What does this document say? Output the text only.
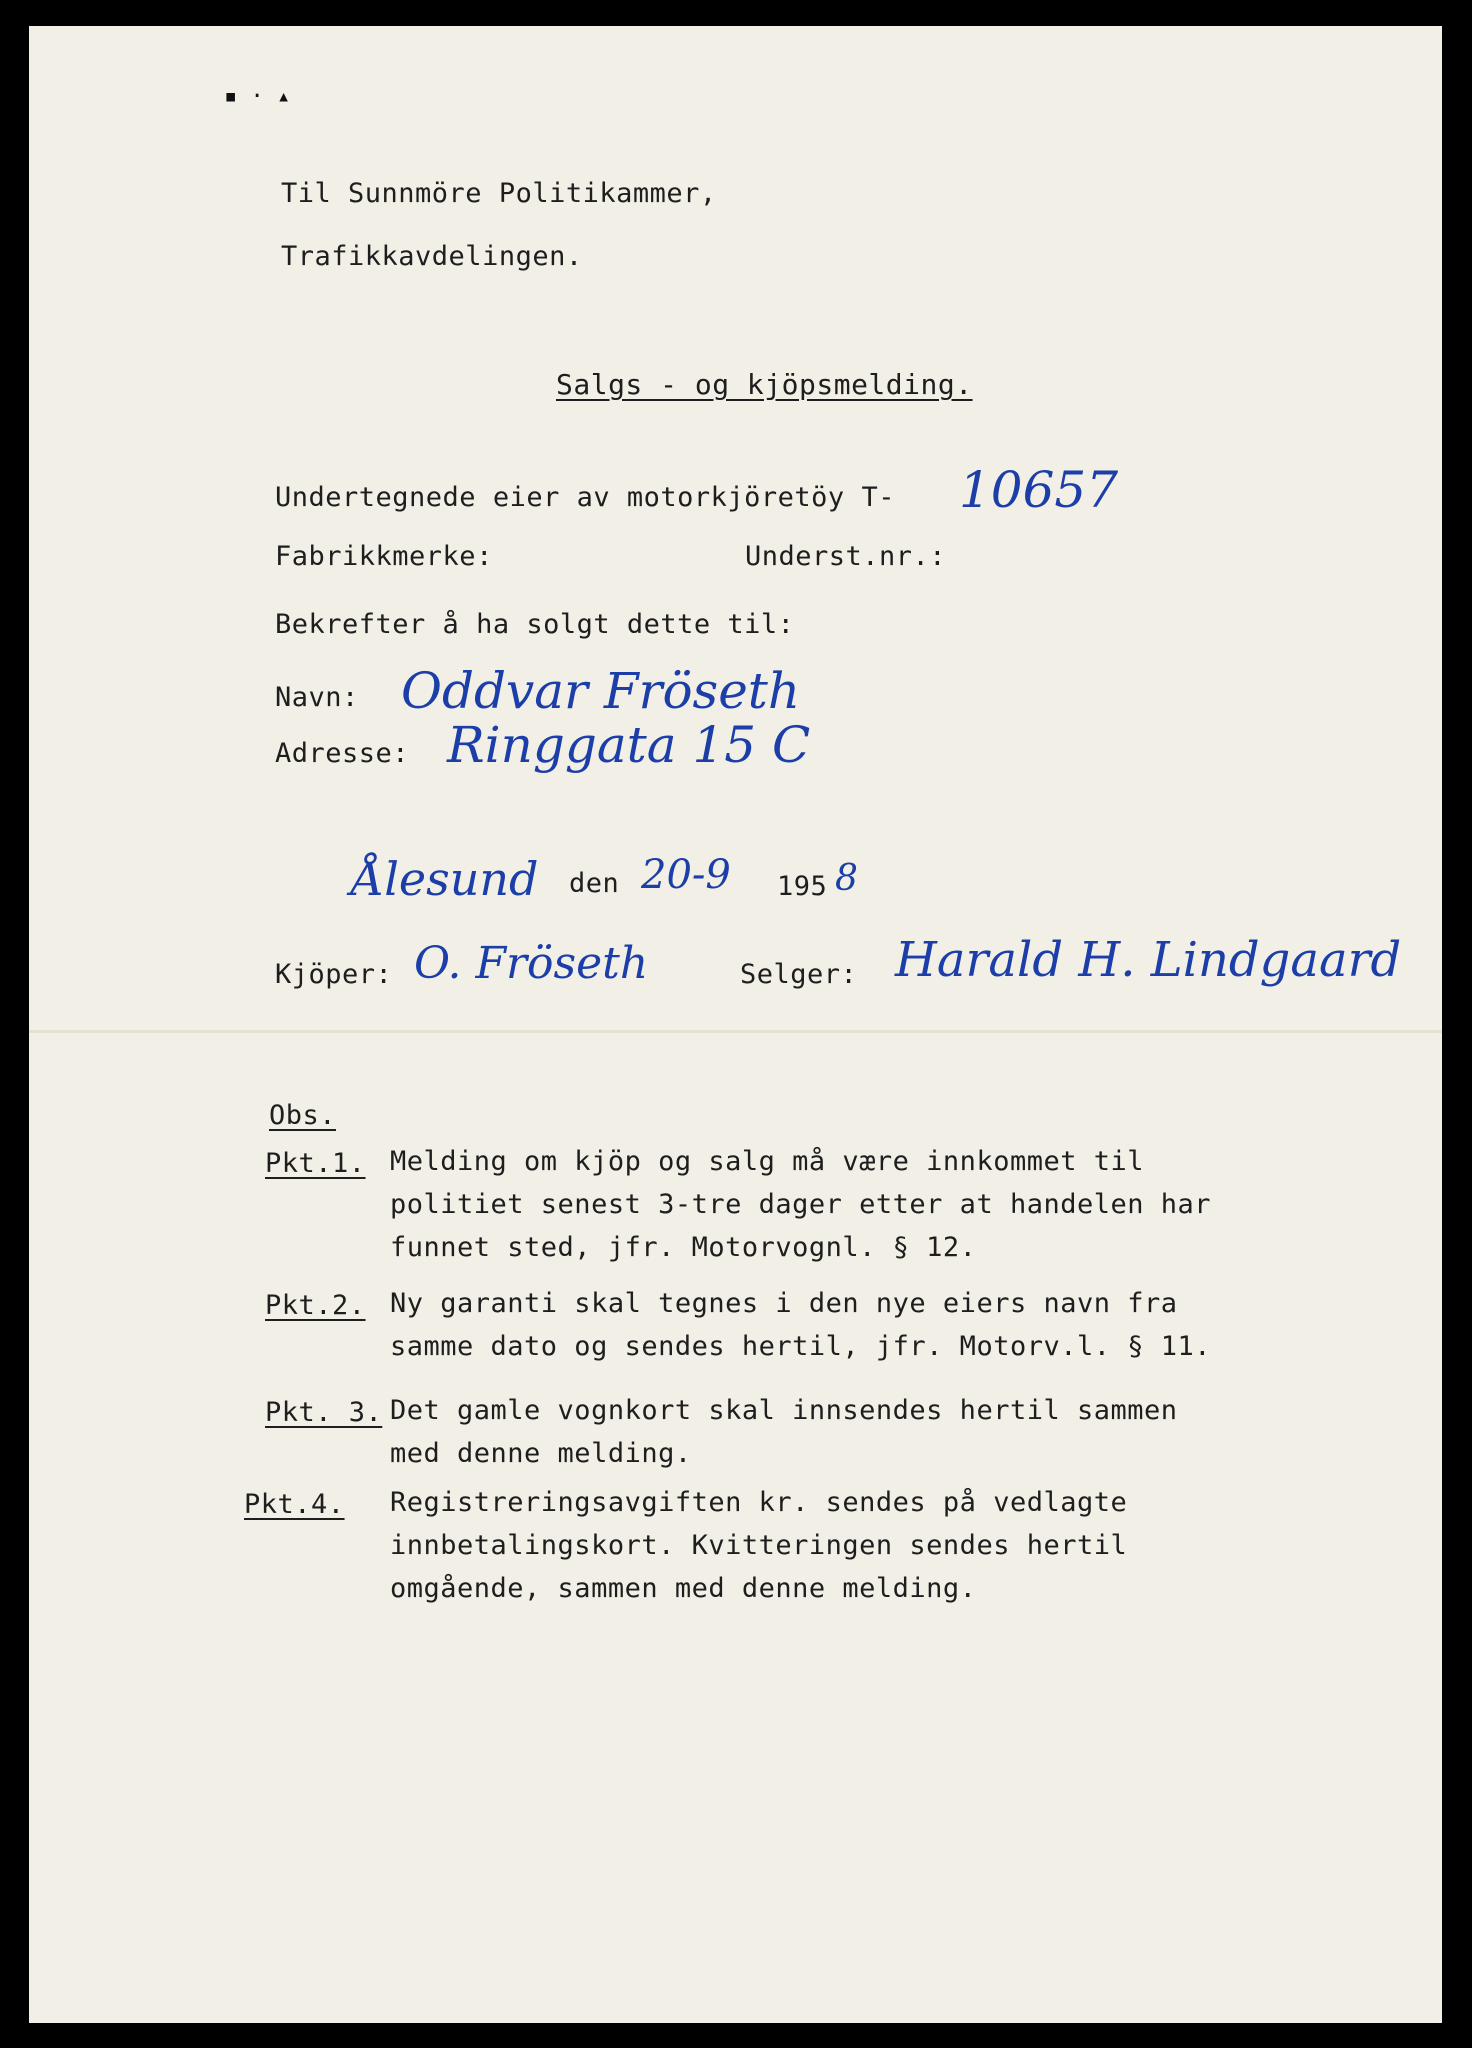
▪ · ▴
Til Sunnmöre Politikammer,
Trafikkavdelingen.
Salgs - og kjöpsmelding.
Undertegnede eier av motorkjöretöy T- 10657
Fabrikkmerke:	Underst.nr.:
Bekrefter å ha solgt dette til:
Navn: Oddvar Fröseth
Adresse: Ringgata 15 C
Ålesund den 20-9 195 8
Kjöper: O. Fröseth	Selger: Harald H. Lindgaard
Obs.
Pkt.1. Melding om kjöp og salg må være innkommet til
politiet senest 3-tre dager etter at handelen har
funnet sted, jfr. Motorvognl. § 12.
Pkt.2. Ny garanti skal tegnes i den nye eiers navn fra
samme dato og sendes hertil, jfr. Motorv.l. § 11.
Pkt. 3. Det gamle vognkort skal innsendes hertil sammen
med denne melding.
Pkt.4. Registreringsavgiften kr. sendes på vedlagte
innbetalingskort. Kvitteringen sendes hertil
omgående, sammen med denne melding.
